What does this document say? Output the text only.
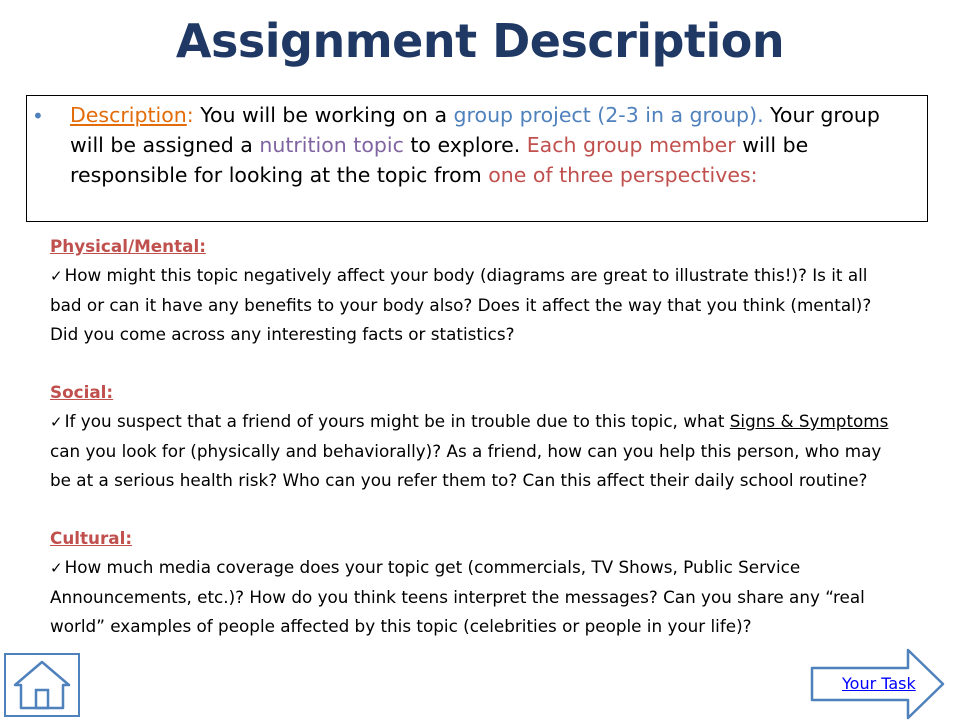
Assignment Description
• Description: You will be working on a group project (2-3 in a group). Your group will be assigned a nutrition topic to explore. Each group member will be responsible for looking at the topic from one of three perspectives:
Physical/Mental:
✓ How might this topic negatively affect your body (diagrams are great to illustrate this!)? Is it all bad or can it have any benefits to your body also? Does it affect the way that you think (mental)? Did you come across any interesting facts or statistics?
Social:
✓ If you suspect that a friend of yours might be in trouble due to this topic, what Signs & Symptoms can you look for (physically and behaviorally)? As a friend, how can you help this person, who may be at a serious health risk? Who can you refer them to? Can this affect their daily school routine?
Cultural:
✓ How much media coverage does your topic get (commercials, TV Shows, Public Service Announcements, etc.)? How do you think teens interpret the messages? Can you share any “real world” examples of people affected by this topic (celebrities or people in your life)?
Your Task
